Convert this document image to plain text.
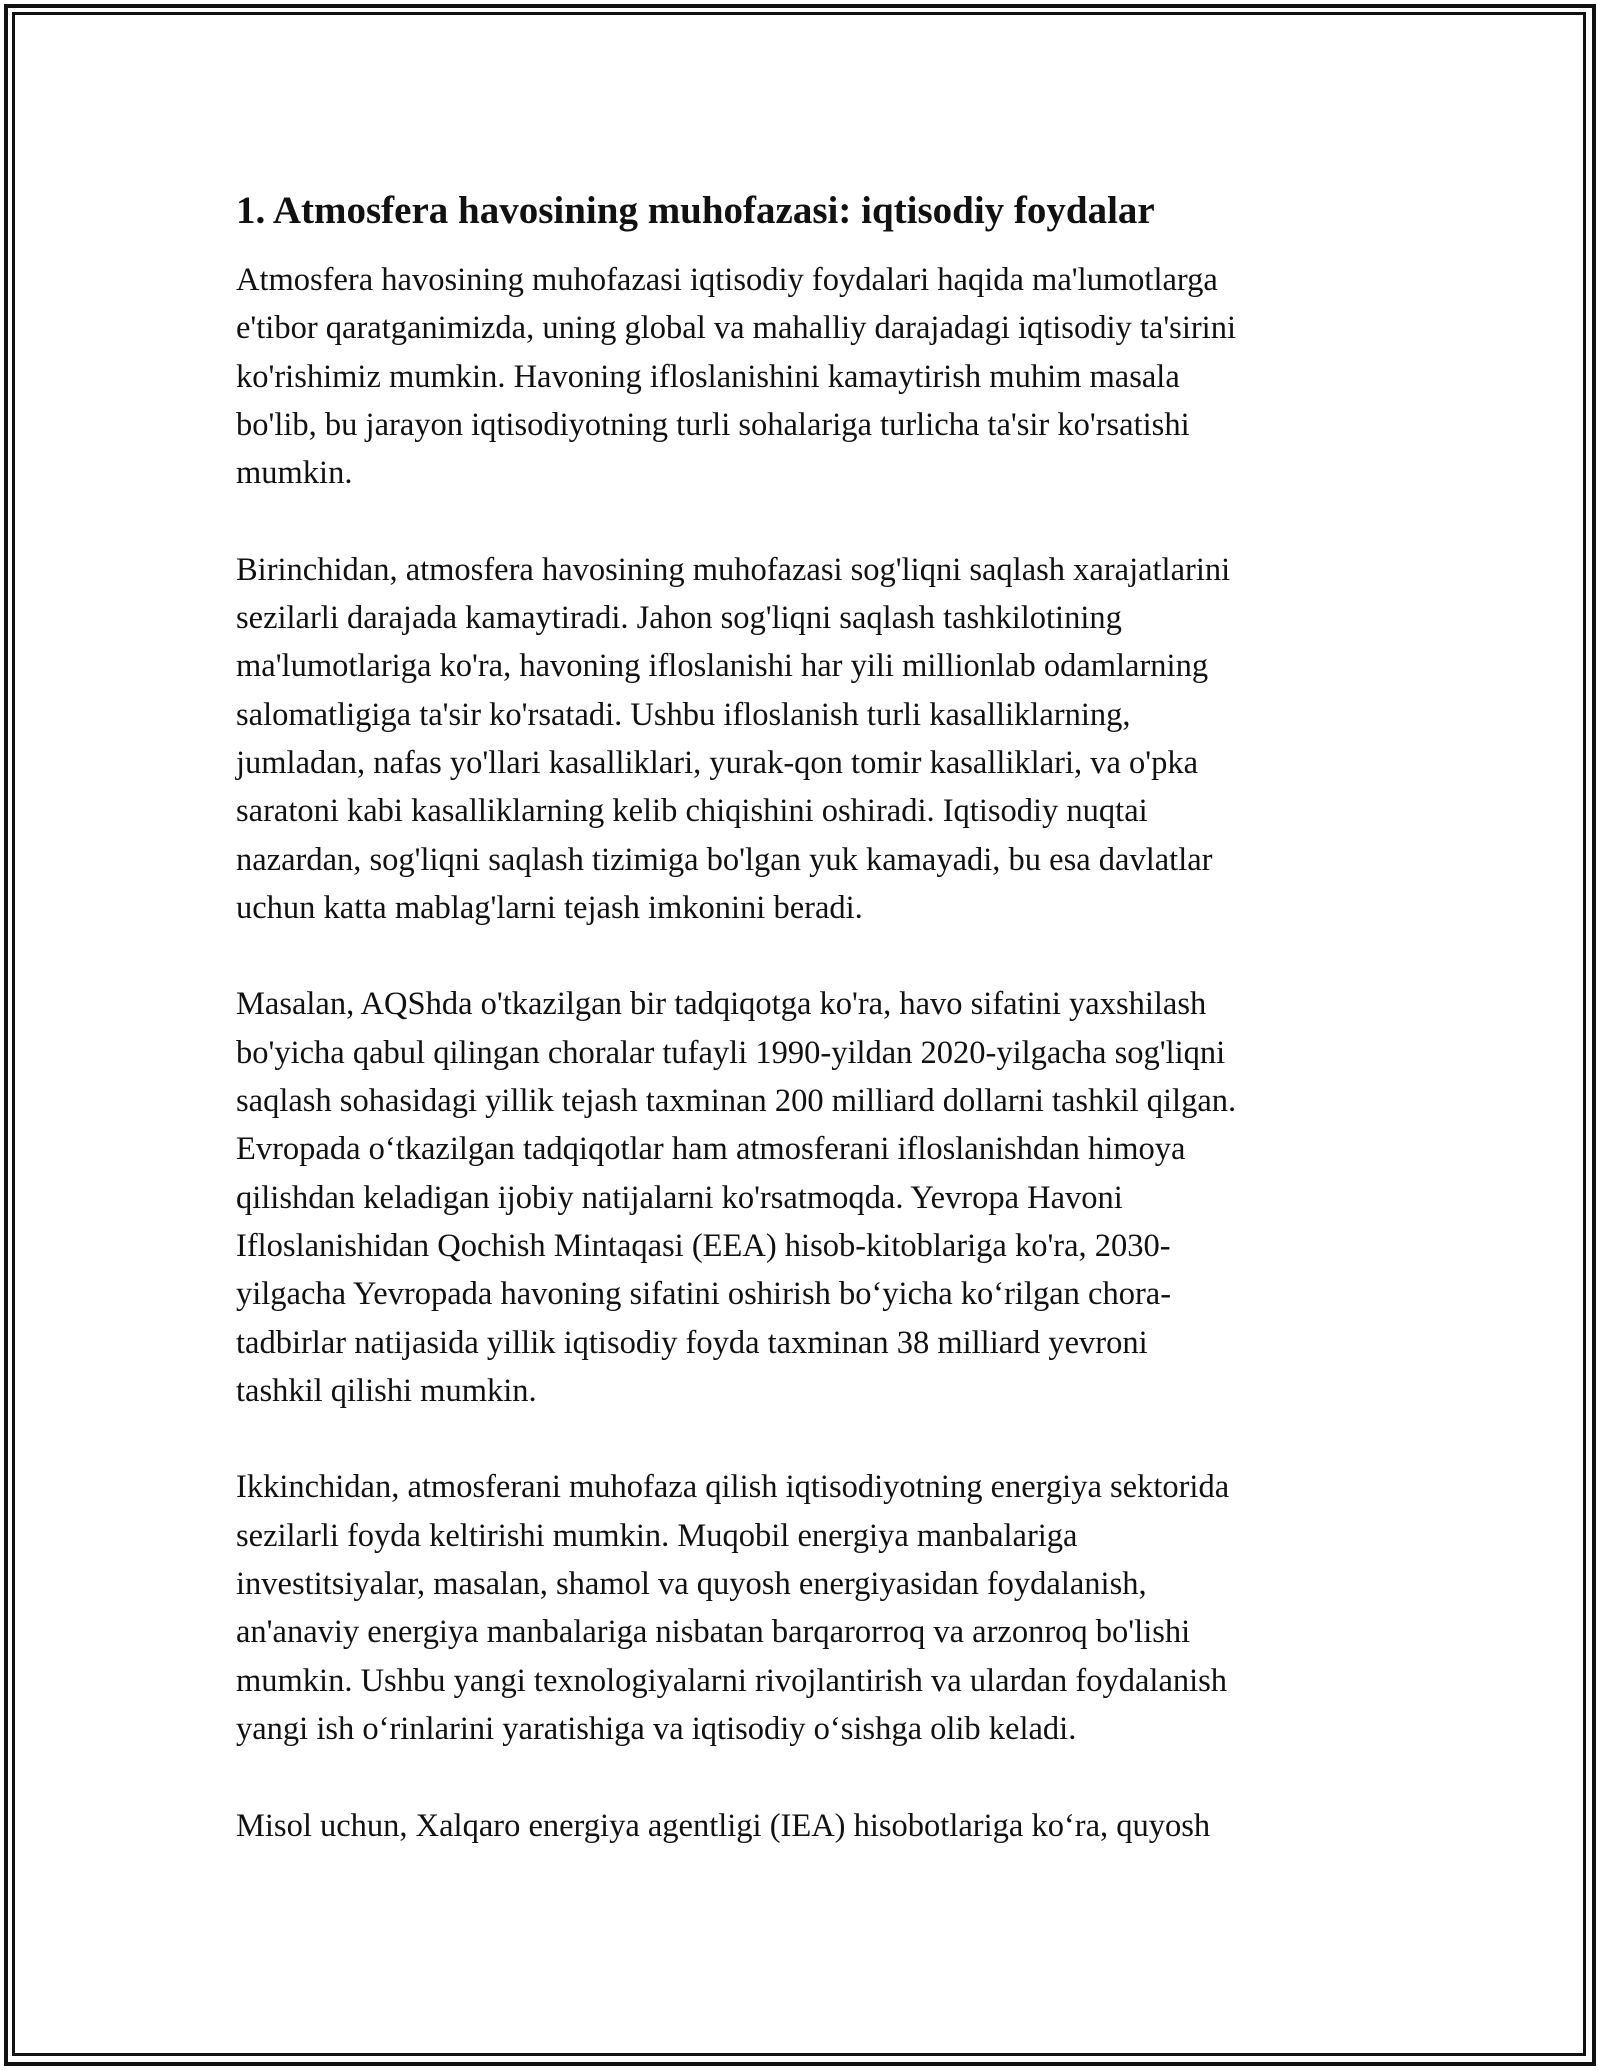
1. Atmosfera havosining muhofazasi: iqtisodiy foydalar
Atmosfera havosining muhofazasi iqtisodiy foydalari haqida ma'lumotlarga
e'tibor qaratganimizda, uning global va mahalliy darajadagi iqtisodiy ta'sirini
ko'rishimiz mumkin. Havoning ifloslanishini kamaytirish muhim masala
bo'lib, bu jarayon iqtisodiyotning turli sohalariga turlicha ta'sir ko'rsatishi
mumkin.
Birinchidan, atmosfera havosining muhofazasi sog'liqni saqlash xarajatlarini
sezilarli darajada kamaytiradi. Jahon sog'liqni saqlash tashkilotining
ma'lumotlariga ko'ra, havoning ifloslanishi har yili millionlab odamlarning
salomatligiga ta'sir ko'rsatadi. Ushbu ifloslanish turli kasalliklarning,
jumladan, nafas yo'llari kasalliklari, yurak-qon tomir kasalliklari, va o'pka
saratoni kabi kasalliklarning kelib chiqishini oshiradi. Iqtisodiy nuqtai
nazardan, sog'liqni saqlash tizimiga bo'lgan yuk kamayadi, bu esa davlatlar
uchun katta mablag'larni tejash imkonini beradi.
Masalan, AQShda o'tkazilgan bir tadqiqotga ko'ra, havo sifatini yaxshilash
bo'yicha qabul qilingan choralar tufayli 1990-yildan 2020-yilgacha sog'liqni
saqlash sohasidagi yillik tejash taxminan 200 milliard dollarni tashkil qilgan.
Evropada o‘tkazilgan tadqiqotlar ham atmosferani ifloslanishdan himoya
qilishdan keladigan ijobiy natijalarni ko'rsatmoqda. Yevropa Havoni
Ifloslanishidan Qochish Mintaqasi (EEA) hisob-kitoblariga ko'ra, 2030-
yilgacha Yevropada havoning sifatini oshirish bo‘yicha ko‘rilgan chora-
tadbirlar natijasida yillik iqtisodiy foyda taxminan 38 milliard yevroni
tashkil qilishi mumkin.
Ikkinchidan, atmosferani muhofaza qilish iqtisodiyotning energiya sektorida
sezilarli foyda keltirishi mumkin. Muqobil energiya manbalariga
investitsiyalar, masalan, shamol va quyosh energiyasidan foydalanish,
an'anaviy energiya manbalariga nisbatan barqarorroq va arzonroq bo'lishi
mumkin. Ushbu yangi texnologiyalarni rivojlantirish va ulardan foydalanish
yangi ish o‘rinlarini yaratishiga va iqtisodiy o‘sishga olib keladi.
Misol uchun, Xalqaro energiya agentligi (IEA) hisobotlariga ko‘ra, quyosh
